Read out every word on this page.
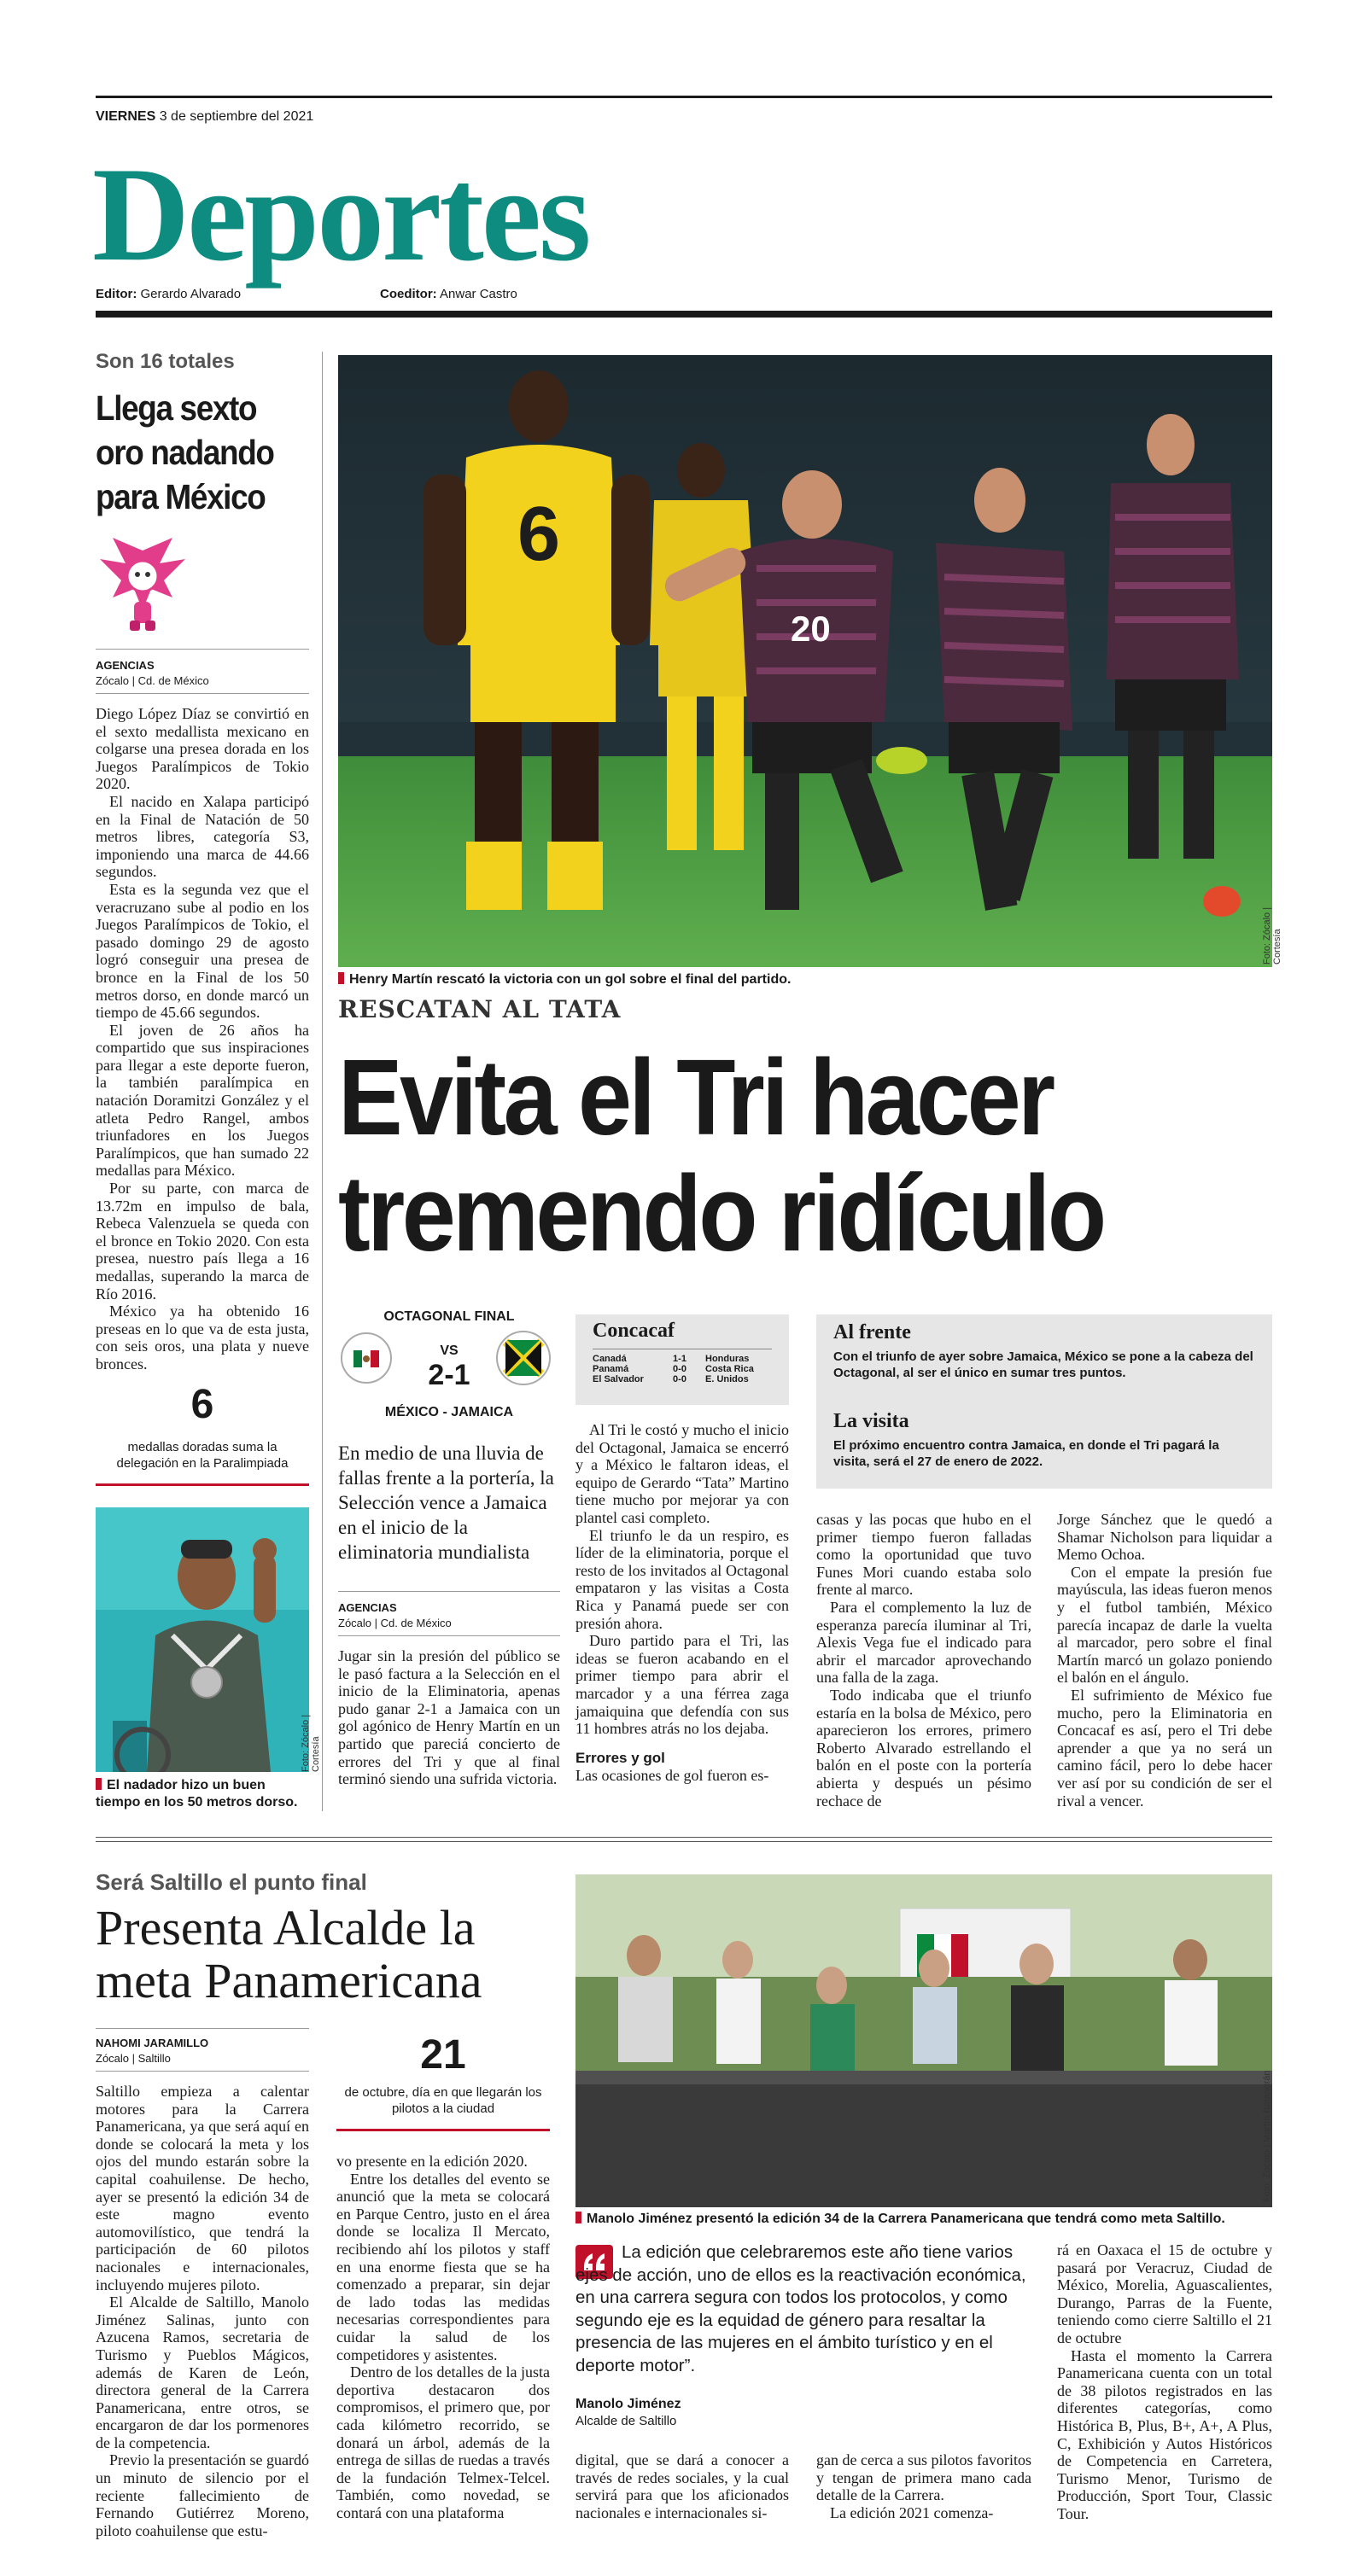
VIERNES 3 de septiembre del 2021
Deportes
Editor: Gerardo Alvarado	Coeditor: Anwar Castro
Son 16 totales
Llega sexto oro nadando para México
AGENCIAS
Zócalo | Cd. de México

Diego López Díaz se convirtió en el sexto medallista mexicano en colgarse una presea dorada en los Juegos Paralímpicos de Tokio 2020.

El nacido en Xalapa participó en la Final de Natación de 50 metros libres, categoría S3, imponiendo una marca de 44.66 segundos.

Esta es la segunda vez que el veracruzano sube al podio en los Juegos Paralímpicos de Tokio, el pasado domingo 29 de agosto logró conseguir una presea de bronce en la Final de los 50 metros dorso, en donde marcó un tiempo de 45.66 segundos.

El joven de 26 años ha compartido que sus inspiraciones para llegar a este deporte fueron, la también paralímpica en natación Doramitzi González y el atleta Pedro Rangel, ambos triunfadores en los Juegos Paralímpicos, que han sumado 22 medallas para México.

Por su parte, con marca de 13.72m en impulso de bala, Rebeca Valenzuela se queda con el bronce en Tokio 2020. Con esta presea, nuestro país llega a 16 medallas, superando la marca de Río 2016.

México ya ha obtenido 16 preseas en lo que va de esta justa, con seis oros, una plata y nueve bronces.

6
medallas doradas suma la delegación en la Paralimpiada
Foto: Zócalo | Cortesía
El nadador hizo un buen tiempo en los 50 metros dorso.
6
20
Foto: Zócalo | Cortesía
Henry Martín rescató la victoria con un gol sobre el final del partido.
RESCATAN AL TATA
Evita el Tri hacer
tremendo ridículo
OCTAGONAL FINAL
VS
2-1
MÉXICO - JAMAICA
En medio de una lluvia de fallas frente a la portería, la Selección vence a Jamaica en el inicio de la eliminatoria mundialista
AGENCIAS
Zócalo | Cd. de México

Jugar sin la presión del público se le pasó factura a la Selección en el inicio de la Eliminatoria, apenas pudo ganar 2-1 a Jamaica con un gol agónico de Henry Martín en un partido que pareciá concierto de errores del Tri y que al final terminó siendo una sufrida victoria.

Concacaf
Canadá	1-1	Honduras
Panamá	0-0	Costa Rica
El Salvador	0-0	E. Unidos

Al Tri le costó y mucho el inicio del Octagonal, Jamaica se encerró y a México le faltaron ideas, el equipo de Gerardo “Tata” Martino tiene mucho por mejorar ya con plantel casi completo.

El triunfo le da un respiro, es líder de la eliminatoria, porque el resto de los invitados al Octagonal empataron y las visitas a Costa Rica y Panamá puede ser con presión ahora.

Duro partido para el Tri, las ideas se fueron acabando en el primer tiempo para abrir el marcador y a una férrea zaga jamaiquina que defendía con sus 11 hombres atrás no los dejaba.

Errores y gol

Las ocasiones de gol fueron es-

Al frente
Con el triunfo de ayer sobre Jamaica, México se pone a la cabeza del Octagonal, al ser el único en sumar tres puntos.
La visita
El próximo encuentro contra Jamaica, en donde el Tri pagará la visita, será el 27 de enero de 2022.

casas y las pocas que hubo en el primer tiempo fueron falladas como la oportunidad que tuvo Funes Mori cuando estaba solo frente al marco.

Para el complemento la luz de esperanza parecía iluminar al Tri, Alexis Vega fue el indicado para abrir el marcador aprovechando una falla de la zaga.

Todo indicaba que el triunfo estaría en la bolsa de México, pero aparecieron los errores, primero Roberto Alvarado estrellando el balón en el poste con la portería abierta y después un pésimo rechace de

Jorge Sánchez que le quedó a Shamar Nicholson para liquidar a Memo Ochoa.

Con el empate la presión fue mayúscula, las ideas fueron menos y el futbol también, México parecía incapaz de darle la vuelta al marcador, pero sobre el final Martín marcó un golazo poniendo el balón en el ángulo.

El sufrimiento de México fue mucho, pero la Eliminatoria en Concacaf es así, pero el Tri debe aprender a que ya no será un camino fácil, pero lo debe hacer ver así por su condición de ser el rival a vencer.

Será Saltillo el punto final
Presenta Alcalde la meta Panamericana
NAHOMI JARAMILLO
Zócalo | Saltillo	21
de octubre, día en que llegarán los pilotos a la ciudad

Saltillo empieza a calentar motores para la Carrera Panamericana, ya que será aquí en donde se colocará la meta y los ojos del mundo estarán sobre la capital coahuilense. De hecho, ayer se presentó la edición 34 de este magno evento automovilístico, que tendrá la participación de 60 pilotos nacionales e internacionales, incluyendo mujeres piloto.

El Alcalde de Saltillo, Manolo Jiménez Salinas, junto con Azucena Ramos, secretaria de Turismo y Pueblos Mágicos, además de Karen de León, directora general de la Carrera Panamericana, entre otros, se encargaron de dar los pormenores de la competencia.

Previo la presentación se guardó un minuto de silencio por el reciente fallecimiento de Fernando Gutiérrez Moreno, piloto coahuilense que estu-

vo presente en la edición 2020.

Entre los detalles del evento se anunció que la meta se colocará en Parque Centro, justo en el área donde se localiza Il Mercato, recibiendo ahí los pilotos y staff en una enorme fiesta que se ha comenzado a preparar, sin dejar de lado todas las medidas necesarias correspondientes para cuidar la salud de los competidores y asistentes.

Dentro de los detalles de la justa deportiva destacaron dos compromisos, el primero que, por cada kilómetro recorrido, se donará un árbol, además de la entrega de sillas de ruedas a través de la fundación Telmex-Telcel. También, como novedad, se contará con una plataforma

Foto: Zócalo | Martín Balandrán
Manolo Jiménez presentó la edición 34 de la Carrera Panamericana que tendrá como meta Saltillo.
La edición que celebraremos este año tiene varios ejes de acción, uno de ellos es la reactivación económica, en una carrera segura con todos los protocolos, y como segundo eje es la equidad de género para resaltar la presencia de las mujeres en el ámbito turístico y en el deporte motor”.
Manolo Jiménez
Alcalde de Saltillo

digital, que se dará a conocer a través de redes sociales, y la cual servirá para que los aficionados nacionales e internacionales si-

gan de cerca a sus pilotos favoritos y tengan de primera mano cada detalle de la Carrera.

La edición 2021 comenza-

rá en Oaxaca el 15 de octubre y pasará por Veracruz, Ciudad de México, Morelia, Aguascalientes, Durango, Parras de la Fuente, teniendo como cierre Saltillo el 21 de octubre

Hasta el momento la Carrera Panamericana cuenta con un total de 38 pilotos registrados en las diferentes categorías, como Histórica B, Plus, B+, A+, A Plus, C, Exhibición y Autos Históricos de Competencia en Carretera, Turismo Menor, Turismo de Producción, Sport Tour, Classic Tour.
